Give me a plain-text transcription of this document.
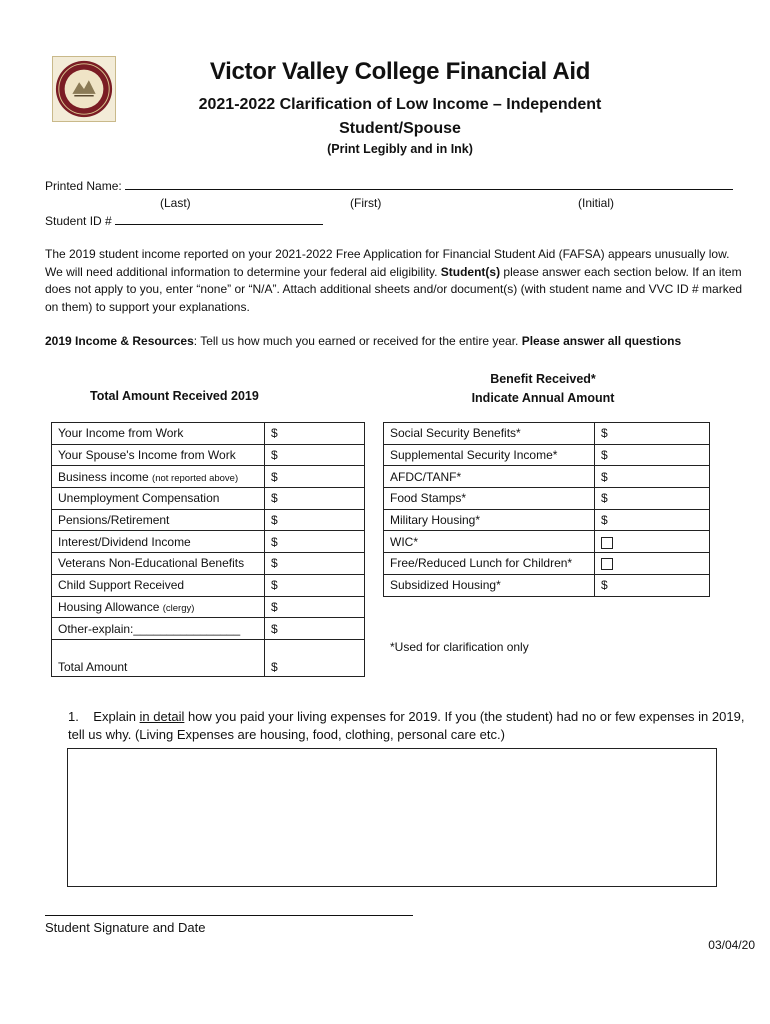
Victor Valley College Financial Aid
2021-2022 Clarification of Low Income – Independent
Student/Spouse
(Print Legibly and in Ink)
Printed Name:
(Last)	(First)	(Initial)
Student ID #
The 2019 student income reported on your 2021-2022 Free Application for Financial Student Aid (FAFSA) appears unusually low. We will need additional information to determine your federal aid eligibility. Student(s) please answer each section below. If an item does not apply to you, enter “none” or “N/A”. Attach additional sheets and/or document(s) (with student name and VVC ID # marked on them) to support your explanations.
2019 Income & Resources: Tell us how much you earned or received for the entire year. Please answer all questions
Total Amount Received 2019
Benefit Received*
Indicate Annual Amount
Your Income from Work	$
Your Spouse's Income from Work	$
Business income (not reported above)	$
Unemployment Compensation	$
Pensions/Retirement	$
Interest/Dividend Income	$
Veterans Non-Educational Benefits	$
Child Support Received	$
Housing Allowance (clergy)	$
Other-explain:________________	$
Total Amount	$
Social Security Benefits*	$
Supplemental Security Income*	$
AFDC/TANF*	$
Food Stamps*	$
Military Housing*	$
WIC*	
Free/Reduced Lunch for Children*	
Subsidized Housing*	$
*Used for clarification only
1. Explain in detail how you paid your living expenses for 2019. If you (the student) had no or few expenses in 2019, tell us why. (Living Expenses are housing, food, clothing, personal care etc.)
Student Signature and Date
03/04/20
